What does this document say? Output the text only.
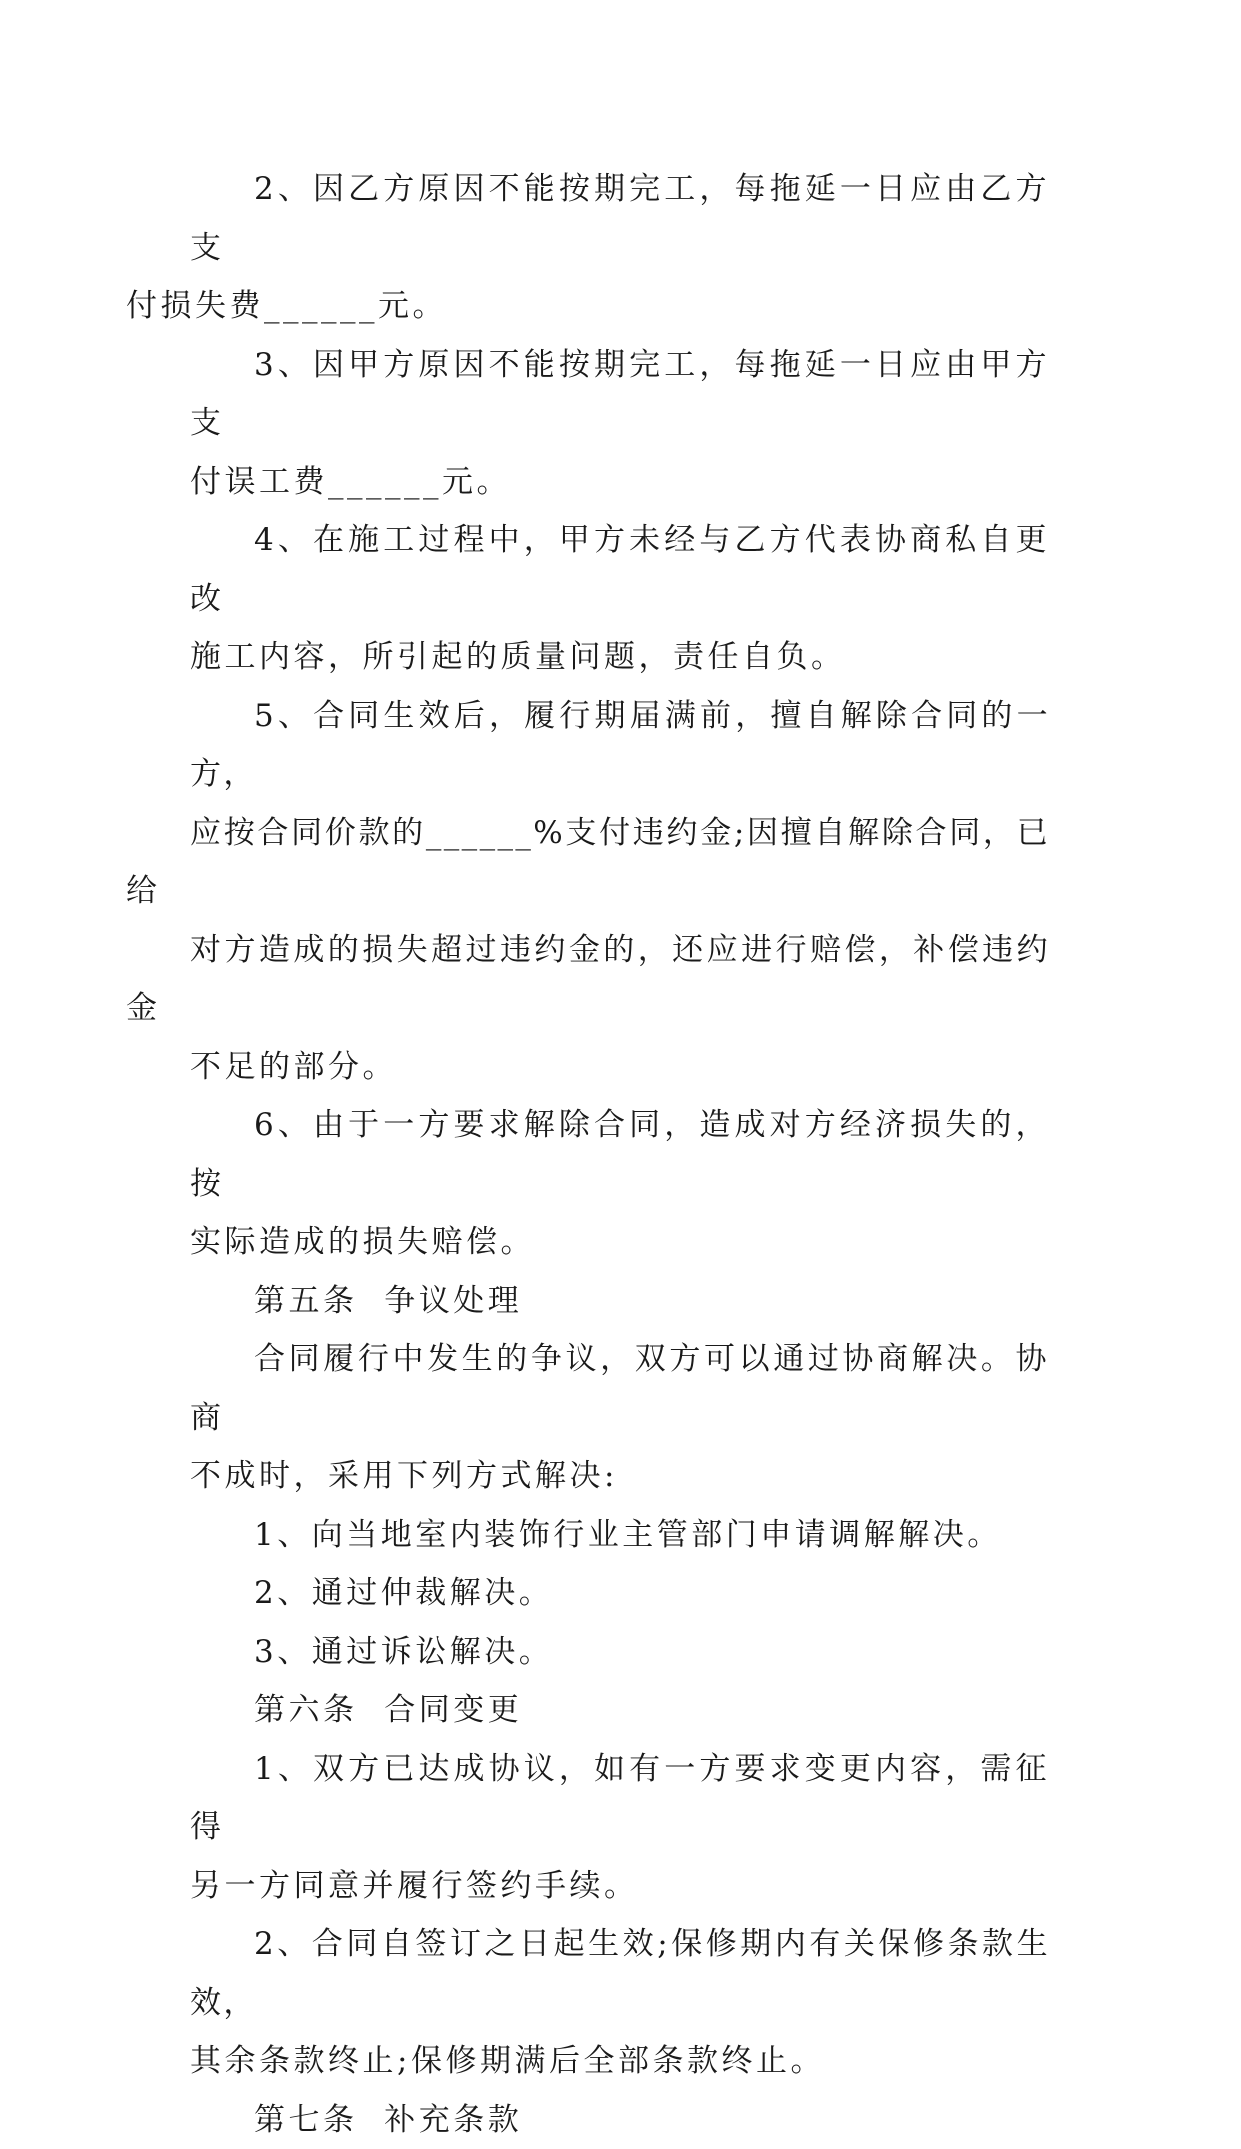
2、因乙方原因不能按期完工，每拖延一日应由乙方支
付损失费______元。

3、因甲方原因不能按期完工，每拖延一日应由甲方支
付误工费______元。

4、在施工过程中，甲方未经与乙方代表协商私自更改
施工内容，所引起的质量问题，责任自负。

5、合同生效后，履行期届满前，擅自解除合同的一方，
应按合同价款的______%支付违约金;因擅自解除合同，已给
对方造成的损失超过违约金的，还应进行赔偿，补偿违约金
不足的部分。

6、由于一方要求解除合同，造成对方经济损失的，按
实际造成的损失赔偿。

第五条  争议处理

合同履行中发生的争议，双方可以通过协商解决。协商
不成时，采用下列方式解决:

1、向当地室内装饰行业主管部门申请调解解决。

2、通过仲裁解决。

3、通过诉讼解决。

第六条  合同变更

1、双方已达成协议，如有一方要求变更内容，需征得
另一方同意并履行签约手续。

2、合同自签订之日起生效;保修期内有关保修条款生效，
其余条款终止;保修期满后全部条款终止。

第七条  补充条款
